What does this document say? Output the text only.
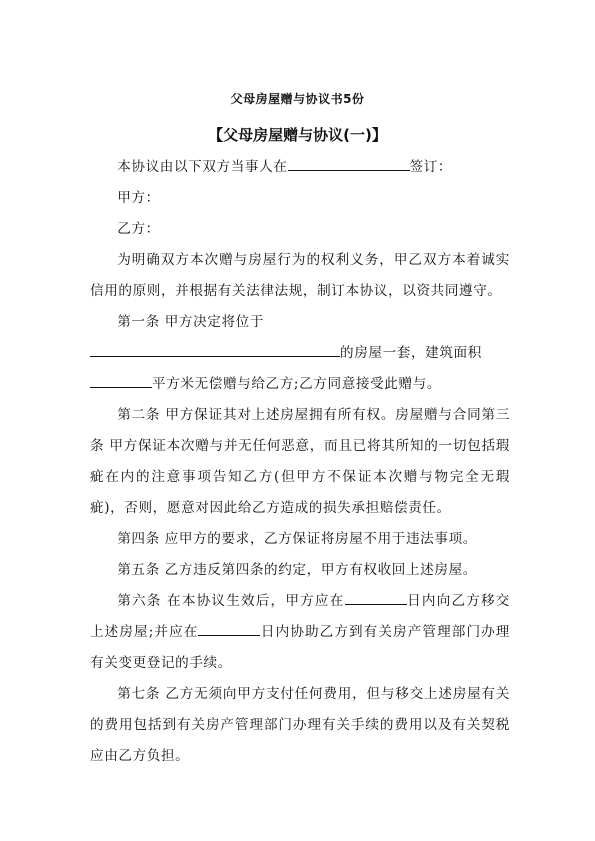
父母房屋赠与协议书5份
【父母房屋赠与协议(一)】

本协议由以下双方当事人在	签订：

甲方：

乙方：

为明确双方本次赠与房屋行为的权利义务，甲乙双方本着诚实信用的原则，并根据有关法律法规，制订本协议，以资共同遵守。

第一条 甲方决定将位于

的房屋一套，建筑面积

平方米无偿赠与给乙方;乙方同意接受此赠与。

第二条 甲方保证其对上述房屋拥有所有权。房屋赠与合同第三条 甲方保证本次赠与并无任何恶意，而且已将其所知的一切包括瑕疵在内的注意事项告知乙方(但甲方不保证本次赠与物完全无瑕疵)，否则，愿意对因此给乙方造成的损失承担赔偿责任。

第四条 应甲方的要求，乙方保证将房屋不用于违法事项。

第五条 乙方违反第四条的约定，甲方有权收回上述房屋。

第六条 在本协议生效后，甲方应在	日内向乙方移交上述房屋;并应在	日内协助乙方到有关房产管理部门办理有关变更登记的手续。

第七条 乙方无须向甲方支付任何费用，但与移交上述房屋有关的费用包括到有关房产管理部门办理有关手续的费用以及有关契税应由乙方负担。
